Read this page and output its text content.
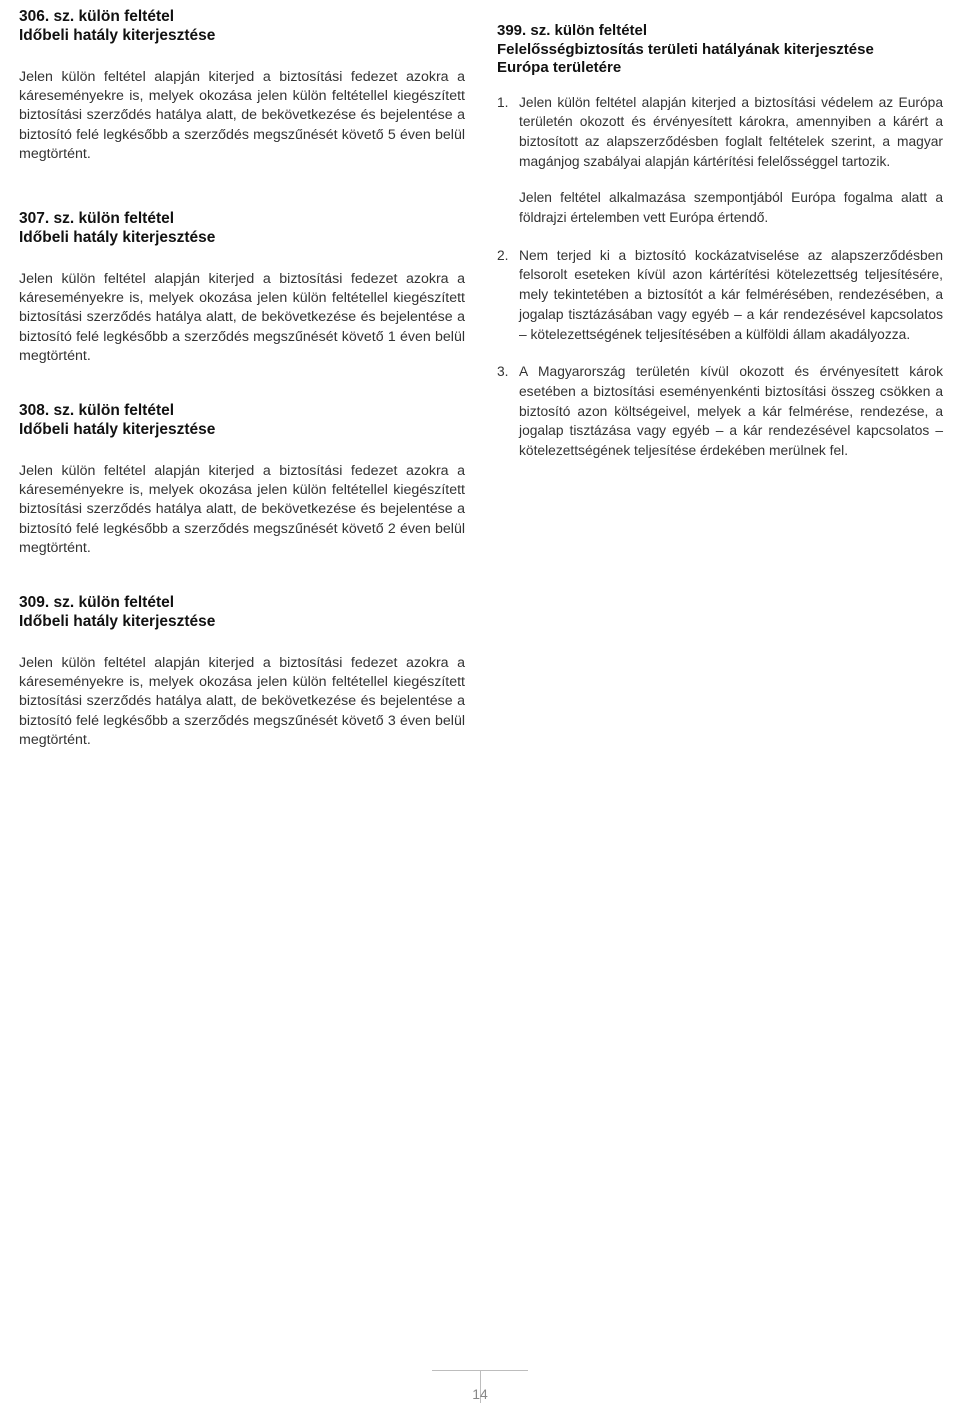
306. sz. külön feltétel
Időbeli hatály kiterjesztése
Jelen külön feltétel alapján kiterjed a biztosítási fedezet azokra a káreseményekre is, melyek okozása jelen külön feltétellel kiegészített biztosítási szerződés hatálya alatt, de bekövetkezése és bejelentése a biztosító felé legkésőbb a szerződés megszűnését követő 5 éven belül megtörtént.
307. sz. külön feltétel
Időbeli hatály kiterjesztése
Jelen külön feltétel alapján kiterjed a biztosítási fedezet azokra a káreseményekre is, melyek okozása jelen külön feltétellel kiegészített biztosítási szerződés hatálya alatt, de bekövetkezése és bejelentése a biztosító felé legkésőbb a szerződés megszűnését követő 1 éven belül megtörtént.
308. sz. külön feltétel
Időbeli hatály kiterjesztése
Jelen külön feltétel alapján kiterjed a biztosítási fedezet azokra a káreseményekre is, melyek okozása jelen külön feltétellel kiegészített biztosítási szerződés hatálya alatt, de bekövetkezése és bejelentése a biztosító felé legkésőbb a szerződés megszűnését követő 2 éven belül megtörtént.
309. sz. külön feltétel
Időbeli hatály kiterjesztése
Jelen külön feltétel alapján kiterjed a biztosítási fedezet azokra a káreseményekre is, melyek okozása jelen külön feltétellel kiegészített biztosítási szerződés hatálya alatt, de bekövetkezése és bejelentése a biztosító felé legkésőbb a szerződés megszűnését követő 3 éven belül megtörtént.
399. sz. külön feltétel
Felelősségbiztosítás területi hatályának kiterjesztése
Európa területére
1. Jelen külön feltétel alapján kiterjed a biztosítási védelem az Európa területén okozott és érvényesített károkra, amennyiben a kárért a biztosított az alapszerződésben foglalt feltételek szerint, a magyar magánjog szabályai alapján kártérítési felelősséggel tartozik.
Jelen feltétel alkalmazása szempontjából Európa fogalma alatt a földrajzi értelemben vett Európa értendő.
2. Nem terjed ki a biztosító kockázatviselése az alapszerződésben felsorolt eseteken kívül azon kártérítési kötelezettség teljesítésére, mely tekintetében a biztosítót a kár felmérésében, rendezésében, a jogalap tisztázásában vagy egyéb – a kár rendezésével kapcsolatos – kötelezettségének teljesítésében a külföldi állam akadályozza.
3. A Magyarország területén kívül okozott és érvényesített károk esetében a biztosítási eseményenkénti biztosítási összeg csökken a biztosító azon költségeivel, melyek a kár felmérése, rendezése, a jogalap tisztázása vagy egyéb – a kár rendezésével kapcsolatos – kötelezettségének teljesítése érdekében merülnek fel.
14
